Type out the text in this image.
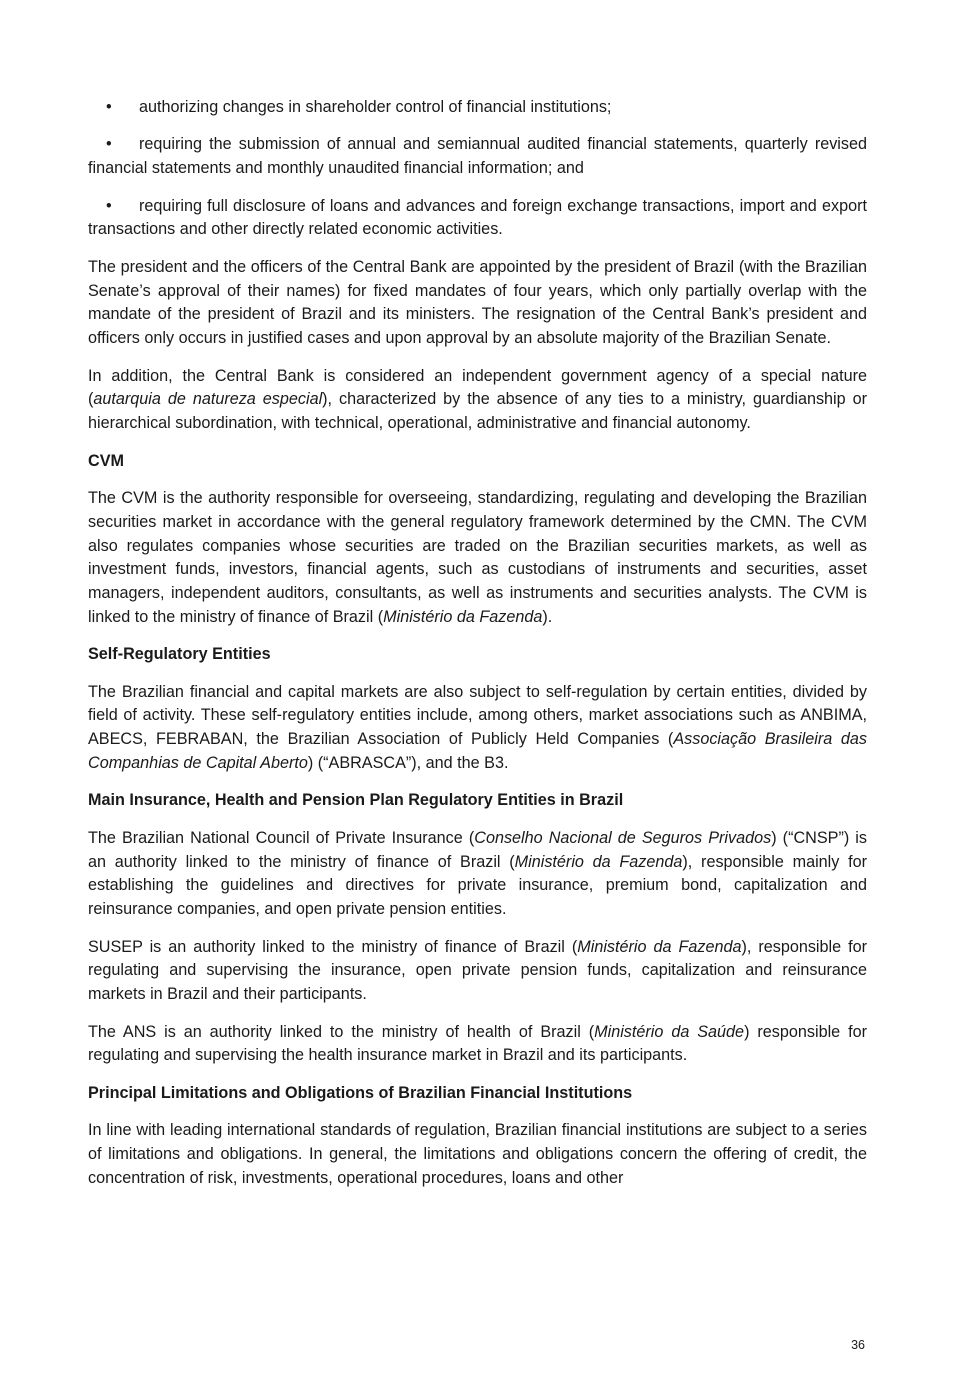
• authorizing changes in shareholder control of financial institutions;

• requiring the submission of annual and semiannual audited financial statements, quarterly revised financial statements and monthly unaudited financial information; and

• requiring full disclosure of loans and advances and foreign exchange transactions, import and export transactions and other directly related economic activities.

The president and the officers of the Central Bank are appointed by the president of Brazil (with the Brazilian Senate’s approval of their names) for fixed mandates of four years, which only partially overlap with the mandate of the president of Brazil and its ministers. The resignation of the Central Bank’s president and officers only occurs in justified cases and upon approval by an absolute majority of the Brazilian Senate.

In addition, the Central Bank is considered an independent government agency of a special nature (autarquia de natureza especial), characterized by the absence of any ties to a ministry, guardianship or hierarchical subordination, with technical, operational, administrative and financial autonomy.

CVM

The CVM is the authority responsible for overseeing, standardizing, regulating and developing the Brazilian securities market in accordance with the general regulatory framework determined by the CMN. The CVM also regulates companies whose securities are traded on the Brazilian securities markets, as well as investment funds, investors, financial agents, such as custodians of instruments and securities, asset managers, independent auditors, consultants, as well as instruments and securities analysts. The CVM is linked to the ministry of finance of Brazil (Ministério da Fazenda).

Self-Regulatory Entities

The Brazilian financial and capital markets are also subject to self-regulation by certain entities, divided by field of activity. These self-regulatory entities include, among others, market associations such as ANBIMA, ABECS, FEBRABAN, the Brazilian Association of Publicly Held Companies (Associação Brasileira das Companhias de Capital Aberto) (“ABRASCA”), and the B3.

Main Insurance, Health and Pension Plan Regulatory Entities in Brazil

The Brazilian National Council of Private Insurance (Conselho Nacional de Seguros Privados) (“CNSP”) is an authority linked to the ministry of finance of Brazil (Ministério da Fazenda), responsible mainly for establishing the guidelines and directives for private insurance, premium bond, capitalization and reinsurance companies, and open private pension entities.

SUSEP is an authority linked to the ministry of finance of Brazil (Ministério da Fazenda), responsible for regulating and supervising the insurance, open private pension funds, capitalization and reinsurance markets in Brazil and their participants.

The ANS is an authority linked to the ministry of health of Brazil (Ministério da Saúde) responsible for regulating and supervising the health insurance market in Brazil and its participants.

Principal Limitations and Obligations of Brazilian Financial Institutions

In line with leading international standards of regulation, Brazilian financial institutions are subject to a series of limitations and obligations. In general, the limitations and obligations concern the offering of credit, the concentration of risk, investments, operational procedures, loans and other

36
